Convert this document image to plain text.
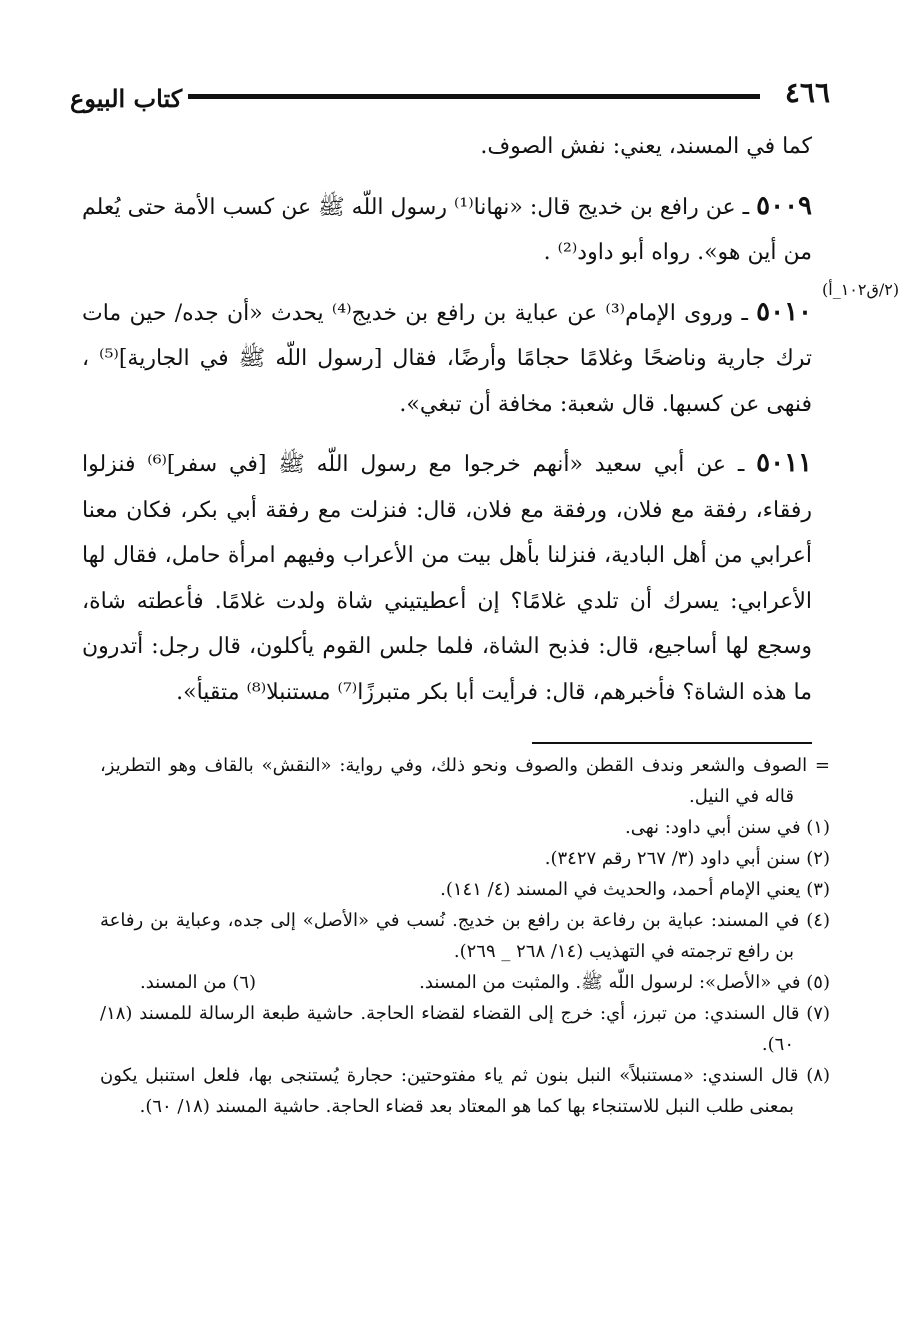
٤٦٦
كتاب البيوع
(٢/ق١٠٢_أ)

كما في المسند، يعني: نفش الصوف.

٥٠٠٩ ـ عن رافع بن خديج قال: «نهانا⁽¹⁾ رسول اللّه ﷺ عن كسب الأمة حتى يُعلم من أين هو». رواه أبو داود⁽²⁾ .

٥٠١٠ ـ وروى الإمام⁽³⁾ عن عباية بن رافع بن خديج⁽⁴⁾ يحدث «أن جده/ حين مات ترك جارية وناضحًا وغلامًا حجامًا وأرضًا، فقال [رسول اللّه ﷺ في الجارية]⁽⁵⁾ ، فنهى عن كسبها. قال شعبة: مخافة أن تبغي».

٥٠١١ ـ عن أبي سعيد «أنهم خرجوا مع رسول اللّه ﷺ [في سفر]⁽⁶⁾ فنزلوا رفقاء، رفقة مع فلان، ورفقة مع فلان، قال: فنزلت مع رفقة أبي بكر، فكان معنا أعرابي من أهل البادية، فنزلنا بأهل بيت من الأعراب وفيهم امرأة حامل، فقال لها الأعرابي: يسرك أن تلدي غلامًا؟ إن أعطيتيني شاة ولدت غلامًا. فأعطته شاة، وسجع لها أساجيع، قال: فذبح الشاة، فلما جلس القوم يأكلون، قال رجل: أتدرون ما هذه الشاة؟ فأخبرهم، قال: فرأيت أبا بكر متبرزًا⁽⁷⁾ مستنبلا⁽⁸⁾ متقيأ».

= الصوف والشعر وندف القطن والصوف ونحو ذلك، وفي رواية: «النقش» بالقاف وهو التطريز، قاله في النيل.

(١) في سنن أبي داود: نهى.

(٢) سنن أبي داود (٣/ ٢٦٧ رقم ٣٤٢٧).

(٣) يعني الإمام أحمد، والحديث في المسند (٤/ ١٤١).

(٤) في المسند: عباية بن رفاعة بن رافع بن خديج. نُسب في «الأصل» إلى جده، وعباية بن رفاعة بن رافع ترجمته في التهذيب (١٤/ ٢٦٨ _ ٢٦٩).

(٥) في «الأصل»: لرسول اللّه ﷺ. والمثبت من المسند.
(٦) من المسند.

(٧) قال السندي: من تبرز، أي: خرج إلى القضاء لقضاء الحاجة. حاشية طبعة الرسالة للمسند (١٨/ ٦٠).

(٨) قال السندي: «مستنبلاً» النبل بنون ثم ياء مفتوحتين: حجارة يُستنجى بها، فلعل استنبل يكون بمعنى طلب النبل للاستنجاء بها كما هو المعتاد بعد قضاء الحاجة. حاشية المسند (١٨/ ٦٠).
